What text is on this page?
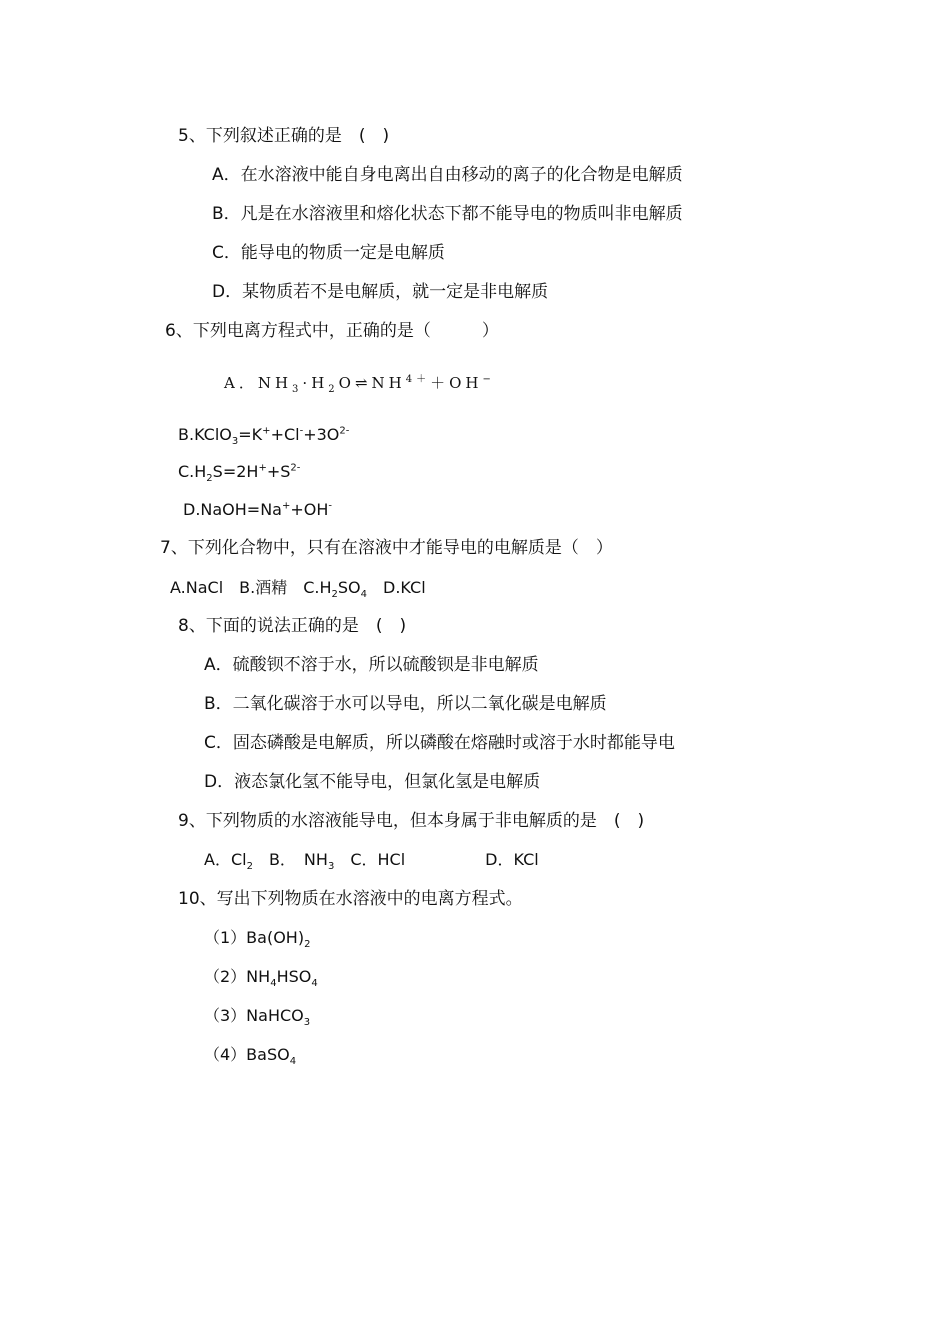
5、下列叙述正确的是　(　)
A．在水溶液中能自身电离出自由移动的离子的化合物是电解质
B．凡是在水溶液里和熔化状态下都不能导电的物质叫非电解质
C．能导电的物质一定是电解质
D．某物质若不是电解质，就一定是非电解质
6、下列电离方程式中，正确的是（　　　）
A．$NH_3\cdot H_2O\rightleftharpoons NH^{4+}+OH^-$
$B.KClO_3=K^++Cl^-+3O^{2-}$
$C.H_2S=2H^++S^{2-}$
D.NaOH=Na++OH-
7、下列化合物中，只有在溶液中才能导电的电解质是（　）
A.NaCl　B.酒精　$C.H_2SO_4$　D.KCl
8、下面的说法正确的是　(　)
A．硫酸钡不溶于水，所以硫酸钡是非电解质
B．二氧化碳溶于水可以导电，所以二氧化碳是电解质
C．固态磷酸是电解质，所以磷酸在熔融时或溶于水时都能导电
D．液态氯化氢不能导电，但氯化氢是电解质
9、下列物质的水溶液能导电，但本身属于非电解质的是　(　)
A．$Cl_2$　B．　$NH_3$　C．HCl　　　　　D．KCl
10、写出下列物质在水溶液中的电离方程式。
$(1)Ba(OH)_2$
$(2)NH_4HSO_4$
（3）NaHCO$_3$
（4）BaSO$_4$
